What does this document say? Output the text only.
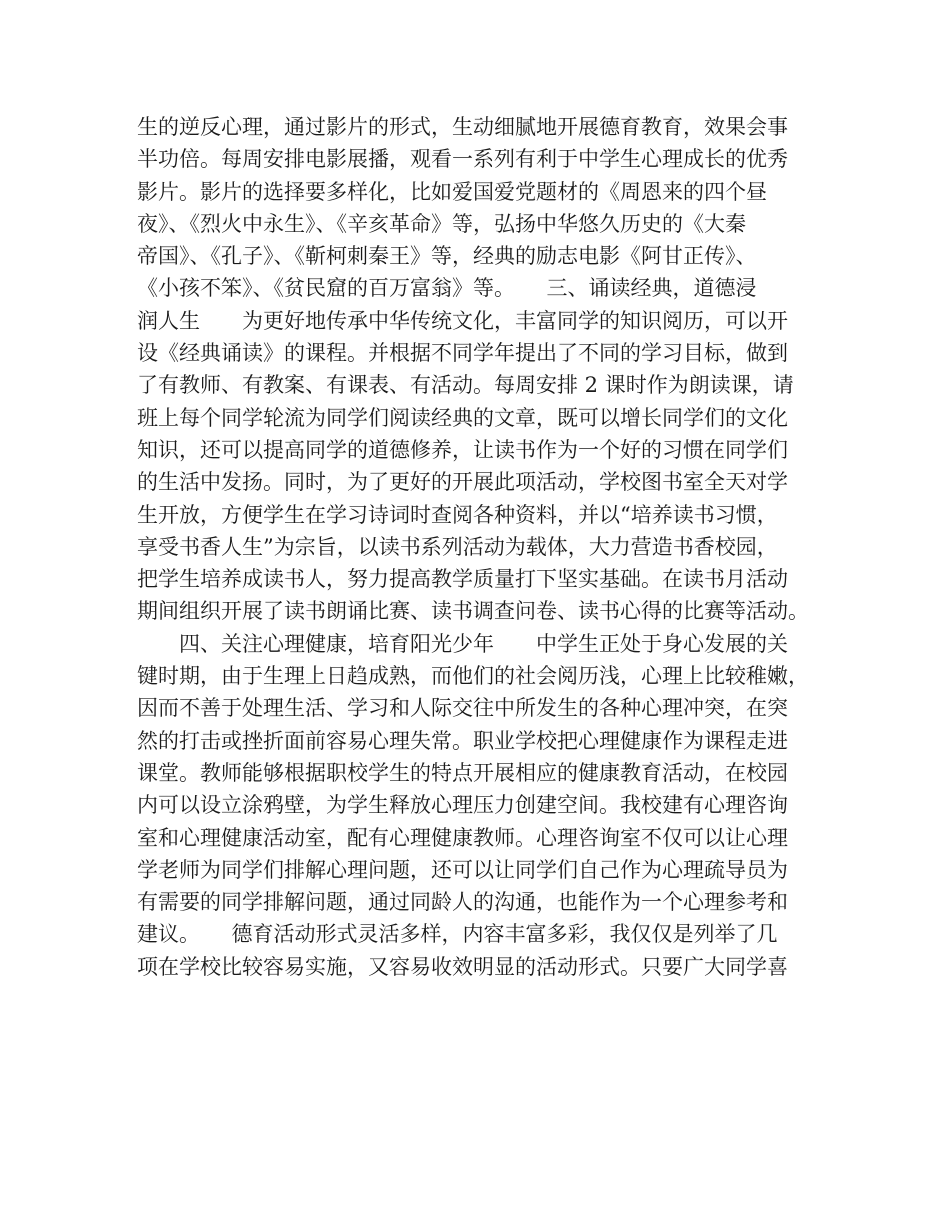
生的逆反心理，通过影片的形式，生动细腻地开展德育教育，效果会事
半功倍。每周安排电影展播，观看一系列有利于中学生心理成长的优秀
影片。影片的选择要多样化，比如爱国爱党题材的《周恩来的四个昼
夜》、《烈火中永生》、《辛亥革命》等，弘扬中华悠久历史的《大秦
帝国》、《孔子》、《靳柯刺秦王》等，经典的励志电影《阿甘正传》、
《小孩不笨》、《贫民窟的百万富翁》等。　　三、诵读经典，道德浸
润人生　　为更好地传承中华传统文化，丰富同学的知识阅历，可以开
设《经典诵读》的课程。并根据不同学年提出了不同的学习目标，做到
了有教师、有教案、有课表、有活动。每周安排 2 课时作为朗读课，请
班上每个同学轮流为同学们阅读经典的文章，既可以增长同学们的文化
知识，还可以提高同学的道德修养，让读书作为一个好的习惯在同学们
的生活中发扬。同时，为了更好的开展此项活动，学校图书室全天对学
生开放，方便学生在学习诗词时查阅各种资料，并以“培养读书习惯，
享受书香人生”为宗旨，以读书系列活动为载体，大力营造书香校园，
把学生培养成读书人，努力提高教学质量打下坚实基础。在读书月活动
期间组织开展了读书朗诵比赛、读书调查问卷、读书心得的比赛等活动。
　　四、关注心理健康，培育阳光少年　　中学生正处于身心发展的关
键时期，由于生理上日趋成熟，而他们的社会阅历浅，心理上比较稚嫩，
因而不善于处理生活、学习和人际交往中所发生的各种心理冲突，在突
然的打击或挫折面前容易心理失常。职业学校把心理健康作为课程走进
课堂。教师能够根据职校学生的特点开展相应的健康教育活动，在校园
内可以设立涂鸦壁，为学生释放心理压力创建空间。我校建有心理咨询
室和心理健康活动室，配有心理健康教师。心理咨询室不仅可以让心理
学老师为同学们排解心理问题，还可以让同学们自己作为心理疏导员为
有需要的同学排解问题，通过同龄人的沟通，也能作为一个心理参考和
建议。　　德育活动形式灵活多样，内容丰富多彩，我仅仅是列举了几
项在学校比较容易实施，又容易收效明显的活动形式。只要广大同学喜
